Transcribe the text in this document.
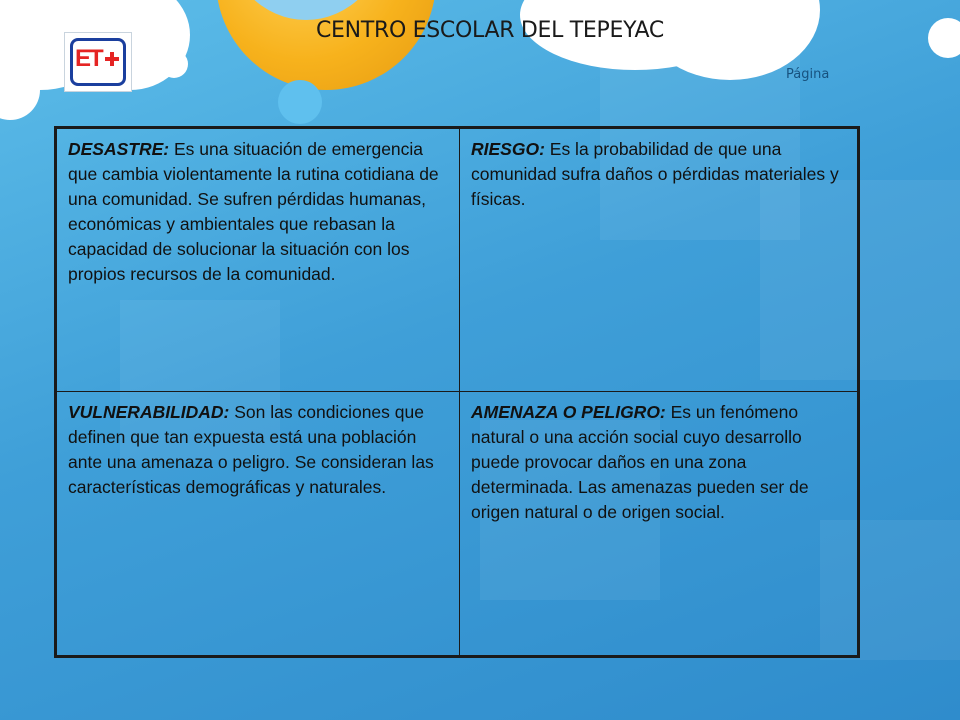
CENTRO ESCOLAR DEL TEPEYAC
Página
ET
DESASTRE: Es una situación de emergencia que cambia violentamente la rutina cotidiana de una comunidad. Se sufren pérdidas humanas, económicas y ambientales que rebasan la capacidad de solucionar la situación con los propios recursos de la comunidad.
RIESGO: Es la probabilidad de que una comunidad sufra daños o pérdidas materiales y físicas.
VULNERABILIDAD: Son las condiciones que definen que tan expuesta está una población ante una amenaza o peligro. Se consideran las características demográficas y naturales.
AMENAZA O PELIGRO: Es un fenómeno natural o una acción social cuyo desarrollo puede provocar daños en una zona determinada. Las amenazas pueden ser de origen natural o de origen social.
